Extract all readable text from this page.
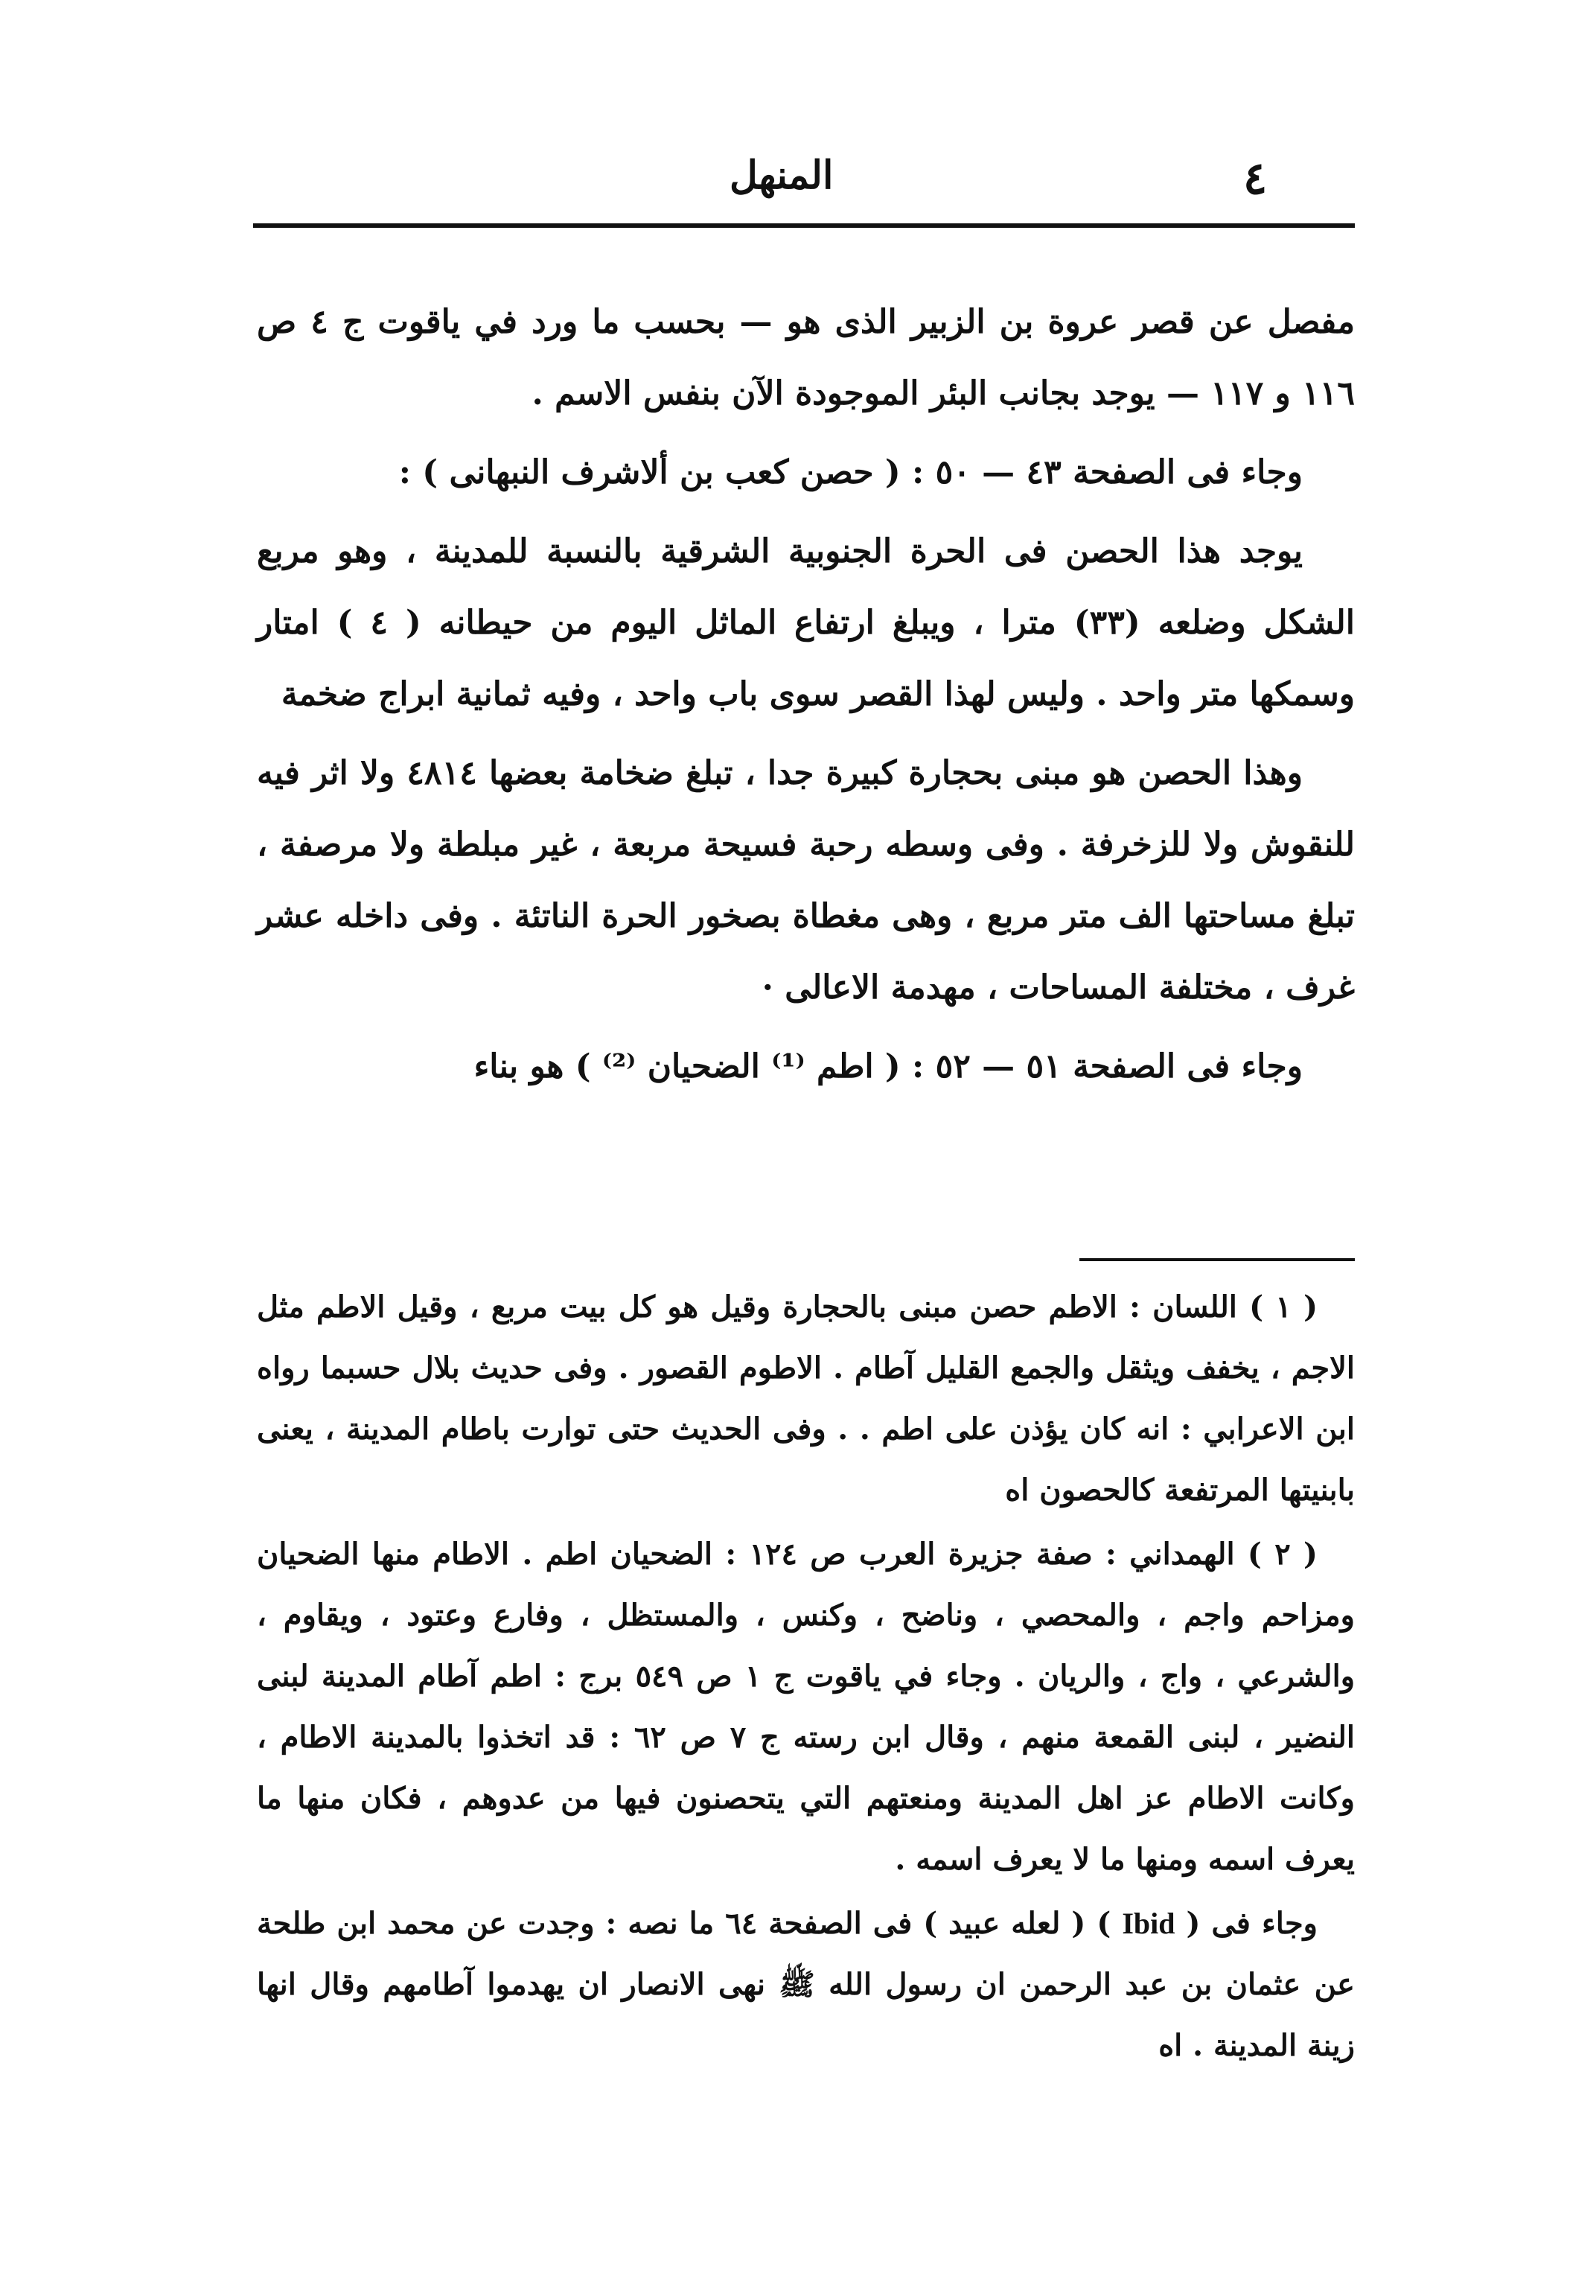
٤
المنهل

مفصل عن قصر عروة بن الزبير الذى هو — بحسب ما ورد في ياقوت ج ٤ ص ١١٦ و ١١٧ — يوجد بجانب البئر الموجودة الآن بنفس الاسم .

وجاء فى الصفحة ٤٣ — ٥٠ : ( حصن كعب بن ألاشرف النبهانى ) :

يوجد هذا الحصن فى الحرة الجنوبية الشرقية بالنسبة للمدينة ، وهو مربع الشكل وضلعه (٣٣) مترا ، ويبلغ ارتفاع الماثل اليوم من حيطانه ( ٤ ) امتار وسمكها متر واحد . وليس لهذا القصر سوى باب واحد ، وفيه ثمانية ابراج ضخمة

وهذا الحصن هو مبنى بحجارة كبيرة جدا ، تبلغ ضخامة بعضها ٤٨١٤ ولا اثر فيه للنقوش ولا للزخرفة . وفى وسطه رحبة فسيحة مربعة ، غير مبلطة ولا مرصفة ، تبلغ مساحتها الف متر مربع ، وهى مغطاة بصخور الحرة الناتئة . وفى داخله عشر غرف ، مختلفة المساحات ، مهدمة الاعالى ·

وجاء فى الصفحة ٥١ — ٥٢ : ( اطم ⁽¹⁾ الضحيان ⁽²⁾ ) هو بناء

( ١ ) اللسان : الاطم حصن مبنى بالحجارة وقيل هو كل بيت مربع ، وقيل الاطم مثل الاجم ، يخفف ويثقل والجمع القليل آطام . الاطوم القصور . وفى حديث بلال حسبما رواه ابن الاعرابي : انه كان يؤذن على اطم . . وفى الحديث حتى توارت باطام المدينة ، يعنى بابنيتها المرتفعة كالحصون اه

( ٢ ) الهمداني : صفة جزيرة العرب ص ١٢٤ : الضحيان اطم . الاطام منها الضحيان ومزاحم واجم ، والمحصي ، وناضح ، وكنس ، والمستظل ، وفارع وعتود ، ويقاوم ، والشرعي ، واج ، والريان . وجاء في ياقوت ج ١ ص ٥٤٩ برج : اطم آطام المدينة لبنى النضير ، لبنى القمعة منهم ، وقال ابن رسته ج ٧ ص ٦٢ : قد اتخذوا بالمدينة الاطام ، وكانت الاطام عز اهل المدينة ومنعتهم التي يتحصنون فيها من عدوهم ، فكان منها ما يعرف اسمه ومنها ما لا يعرف اسمه .

وجاء فى ( Ibid ) ( لعله عبيد ) فى الصفحة ٦٤ ما نصه : وجدت عن محمد ابن طلحة عن عثمان بن عبد الرحمن ان رسول الله ﷺ نهى الانصار ان يهدموا آطامهم وقال انها زينة المدينة . اه
